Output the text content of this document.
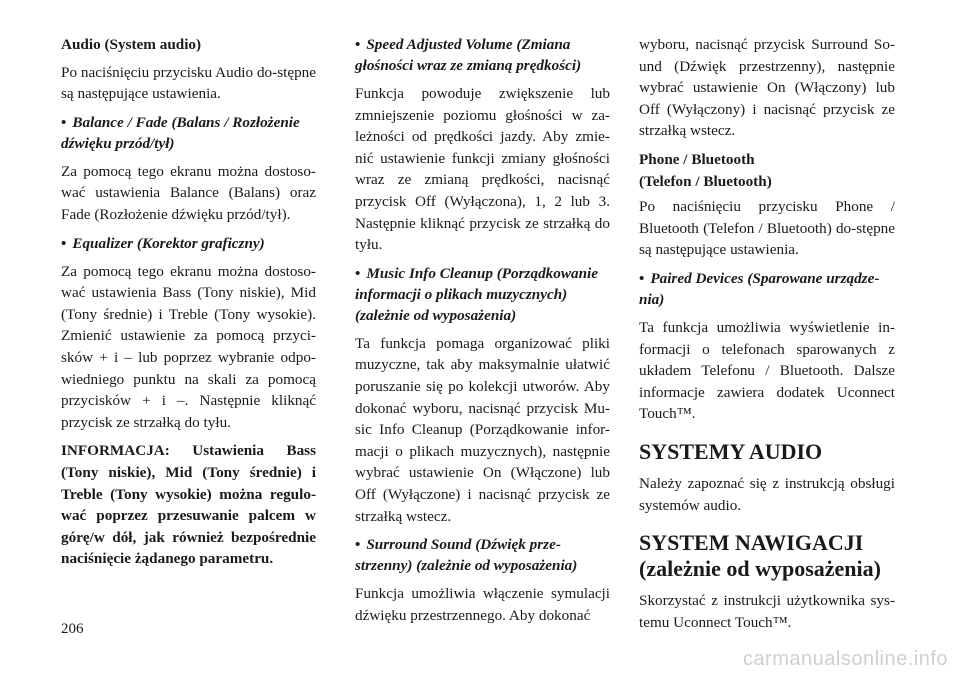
Audio (System audio)

Po naciśnięciu przycisku Audio do-stępne są następujące ustawienia.

• Balance / Fade (Balans / Rozłożenie dźwięku przód/tył)

Za pomocą tego ekranu można dostoso-wać ustawienia Balance (Balans) oraz Fade (Rozłożenie dźwięku przód/tył).

• Equalizer (Korektor graficzny)

Za pomocą tego ekranu można dostoso-wać ustawienia Bass (Tony niskie), Mid (Tony średnie) i Treble (Tony wysokie). Zmienić ustawienie za pomocą przyci-sków + i – lub poprzez wybranie odpo-wiedniego punktu na skali za pomocą przycisków + i –. Następnie kliknąć przycisk ze strzałką do tyłu.

INFORMACJA: Ustawienia Bass (Tony niskie), Mid (Tony średnie) i Treble (Tony wysokie) można regulo-wać poprzez przesuwanie palcem w górę/w dół, jak również bezpośrednie naciśnięcie żądanego parametru.

• Speed Adjusted Volume (Zmiana głośności wraz ze zmianą prędkości)

Funkcja powoduje zwiększenie lub zmniejszenie poziomu głośności w za-leżności od prędkości jazdy. Aby zmie-nić ustawienie funkcji zmiany głośności wraz ze zmianą prędkości, nacisnąć przycisk Off (Wyłączona), 1, 2 lub 3. Następnie kliknąć przycisk ze strzałką do tyłu.

• Music Info Cleanup (Porządkowanie informacji o plikach muzycznych) (zależnie od wyposażenia)

Ta funkcja pomaga organizować pliki muzyczne, tak aby maksymalnie ułatwić poruszanie się po kolekcji utworów. Aby dokonać wyboru, nacisnąć przycisk Mu-sic Info Cleanup (Porządkowanie infor-macji o plikach muzycznych), następnie wybrać ustawienie On (Włączone) lub Off (Wyłączone) i nacisnąć przycisk ze strzałką wstecz.

• Surround Sound (Dźwięk prze-strzenny) (zależnie od wyposażenia)

Funkcja umożliwia włączenie symulacji dźwięku przestrzennego. Aby dokonać

wyboru, nacisnąć przycisk Surround So-und (Dźwięk przestrzenny), następnie wybrać ustawienie On (Włączony) lub Off (Wyłączony) i nacisnąć przycisk ze strzałką wstecz.

Phone / Bluetooth
(Telefon / Bluetooth)

Po naciśnięciu przycisku Phone / Bluetooth (Telefon / Bluetooth) do-stępne są następujące ustawienia.

• Paired Devices (Sparowane urządze-nia)

Ta funkcja umożliwia wyświetlenie in-formacji o telefonach sparowanych z układem Telefonu / Bluetooth. Dalsze informacje zawiera dodatek Uconnect Touch™.

SYSTEMY AUDIO

Należy zapoznać się z instrukcją obsługi systemów audio.

SYSTEM NAWIGACJI
(zależnie od wyposażenia)

Skorzystać z instrukcji użytkownika sys-temu Uconnect Touch™.

206
carmanualsonline.info
